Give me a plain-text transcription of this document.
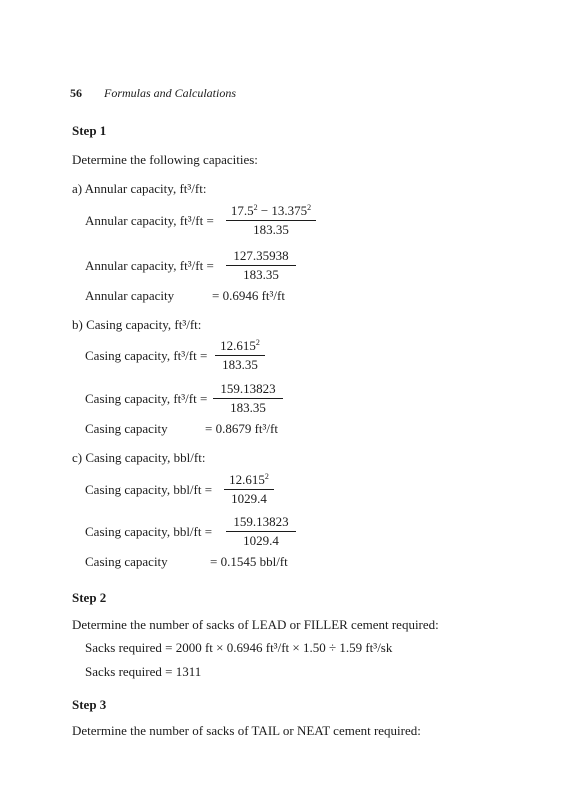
56 Formulas and Calculations
Step 1
Determine the following capacities:
a) Annular capacity, ft³/ft:
Annular capacity, $ft^3/ft = \frac{17.5^2 - 13.375^2}{183.35}$
Annular capacity, $ft^3/ft = \frac{127.35938}{183.35}$
Annular capacity	= 0.6946 ft³/ft
b) Casing capacity, ft³/ft:
Casing capacity, $ft^3/ft = \frac{12.615^2}{183.35}$
Casing capacity, $ft^3/ft = \frac{159.13823}{183.35}$
Casing capacity	= 0.8679 ft³/ft
c) Casing capacity, bbl/ft:
Casing capacity, $bbl/ft = \frac{12.615^2}{1029.4}$
Casing capacity, $bbl/ft = \frac{159.13823}{1029.4}$
Casing capacity	= 0.1545 bbl/ft
Step 2
Determine the number of sacks of LEAD or FILLER cement required:
Sacks required = 2000 ft × 0.6946 ft³/ft × 1.50 ÷ 1.59 ft³/sk
Sacks required = 1311
Step 3
Determine the number of sacks of TAIL or NEAT cement required:
